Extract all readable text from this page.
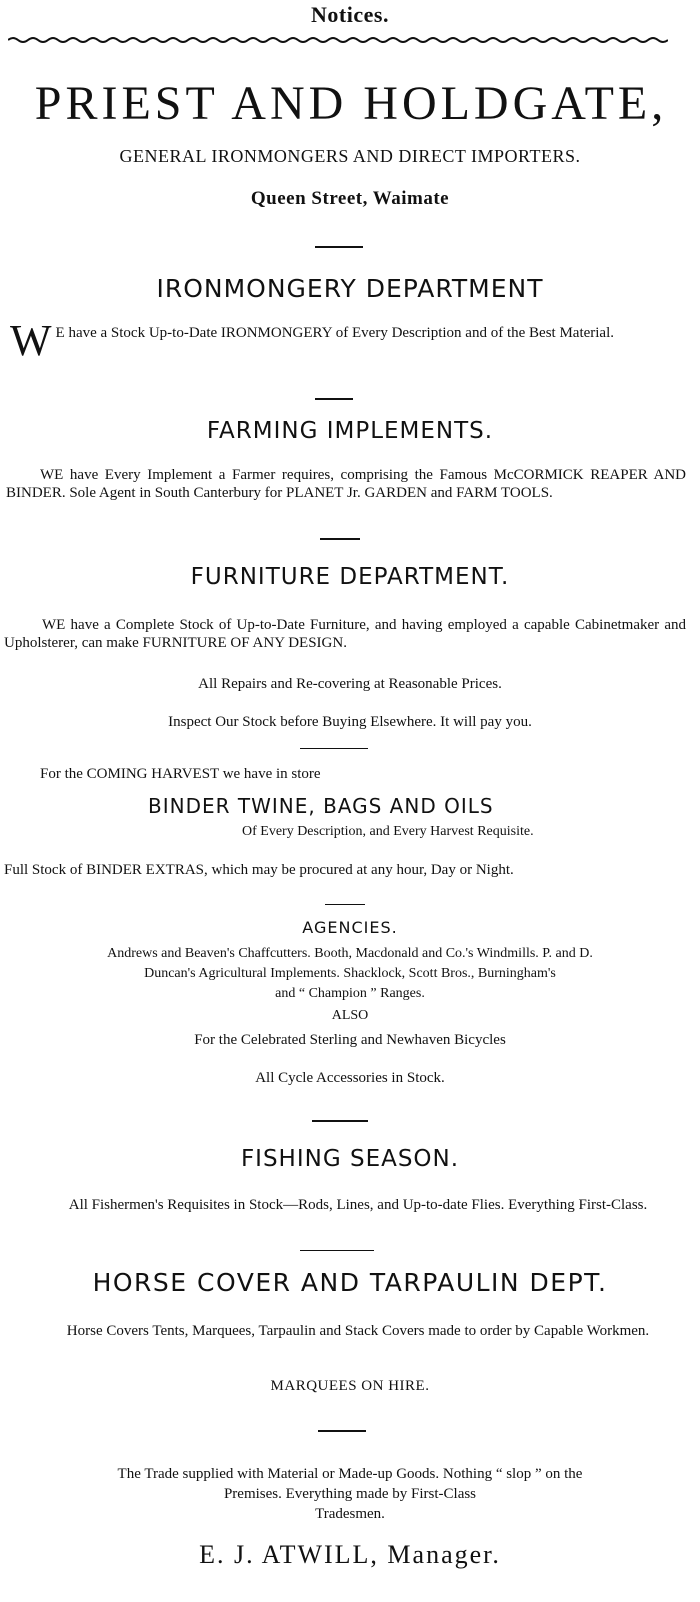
Notices.
PRIEST AND HOLDGATE,
GENERAL IRONMONGERS AND DIRECT IMPORTERS.
Queen Street, Waimate
IRONMONGERY DEPARTMENT
W E have a Stock Up-to-Date IRONMONGERY of Every Description and of the Best Material.
FARMING IMPLEMENTS.
WE have Every Implement a Farmer requires, comprising the Famous McCORMICK REAPER AND BINDER. Sole Agent in South Canterbury for PLANET Jr. GARDEN and FARM TOOLS.
FURNITURE DEPARTMENT.
WE have a Complete Stock of Up-to-Date Furniture, and having employed a capable Cabinetmaker and Upholsterer, can make FURNITURE OF ANY DESIGN.
All Repairs and Re-covering at Reasonable Prices.
Inspect Our Stock before Buying Elsewhere. It will pay you.
For the COMING HARVEST we have in store
BINDER TWINE, BAGS AND OILS
Of Every Description, and Every Harvest Requisite.
Full Stock of BINDER EXTRAS, which may be procured at any hour, Day or Night.
AGENCIES.
Andrews and Beaven's Chaffcutters. Booth, Macdonald and Co.'s Windmills. P. and D.
Duncan's Agricultural Implements. Shacklock, Scott Bros., Burningham's
and “ Champion ” Ranges.
ALSO
For the Celebrated Sterling and Newhaven Bicycles
All Cycle Accessories in Stock.
FISHING SEASON.
All Fishermen's Requisites in Stock—Rods, Lines, and Up-to-date Flies. Everything First-Class.
HORSE COVER AND TARPAULIN DEPT.
Horse Covers Tents, Marquees, Tarpaulin and Stack Covers made to order by Capable Workmen.
MARQUEES ON HIRE.
The Trade supplied with Material or Made-up Goods. Nothing “ slop ” on the
Premises. Everything made by First-Class
Tradesmen.
E. J. ATWILL, Manager.
